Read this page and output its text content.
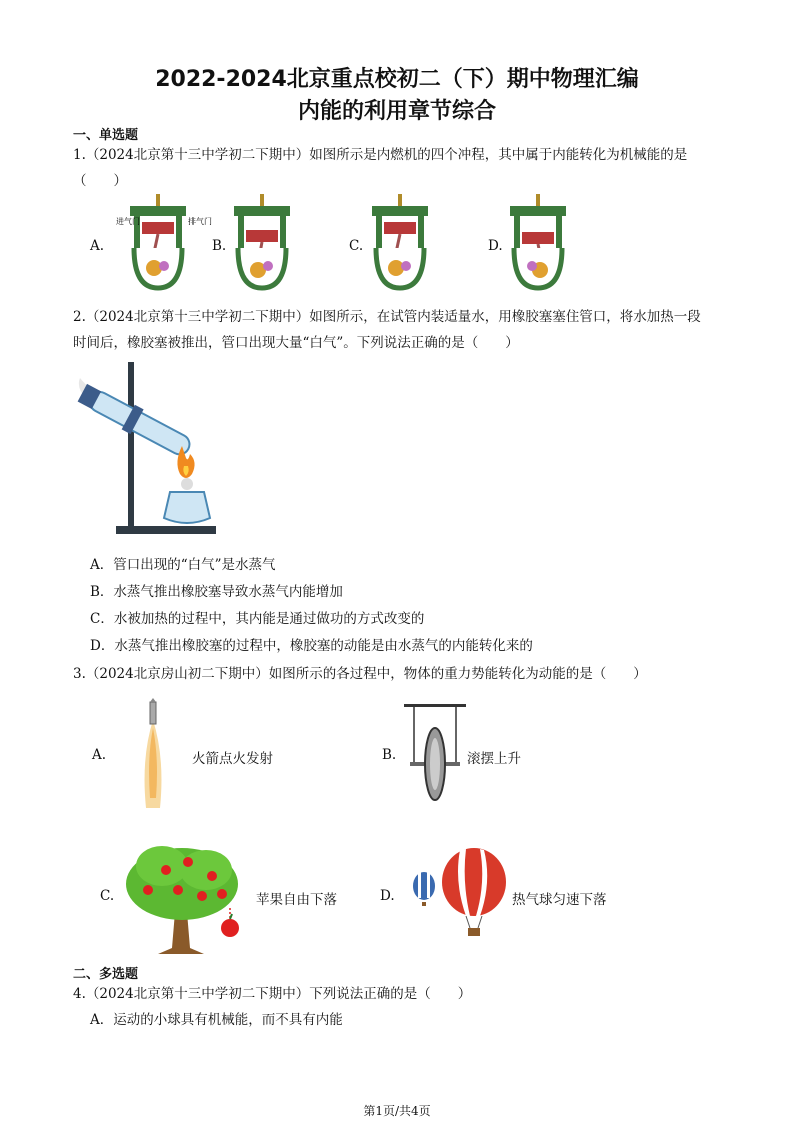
2022-2024北京重点校初二（下）期中物理汇编
内能的利用章节综合
一、单选题
1.（2024北京第十三中学初二下期中）如图所示是内燃机的四个冲程，其中属于内能转化为机械能的是
（　　）
A.	B.	C.	D.
进气门	排气门
2.（2024北京第十三中学初二下期中）如图所示，在试管内装适量水，用橡胶塞塞住管口，将水加热一段
时间后，橡胶塞被推出，管口出现大量“白气”。下列说法正确的是（　　）
A．管口出现的“白气”是水蒸气
B．水蒸气推出橡胶塞导致水蒸气内能增加
C．水被加热的过程中，其内能是通过做功的方式改变的
D．水蒸气推出橡胶塞的过程中，橡胶塞的动能是由水蒸气的内能转化来的
3.（2024北京房山初二下期中）如图所示的各过程中，物体的重力势能转化为动能的是（　　）
A.	火箭点火发射	B.	滚摆上升
C.	苹果自由下落	D.	热气球匀速下落
二、多选题
4.（2024北京第十三中学初二下期中）下列说法正确的是（　　）
A．运动的小球具有机械能，而不具有内能
第1页/共4页
